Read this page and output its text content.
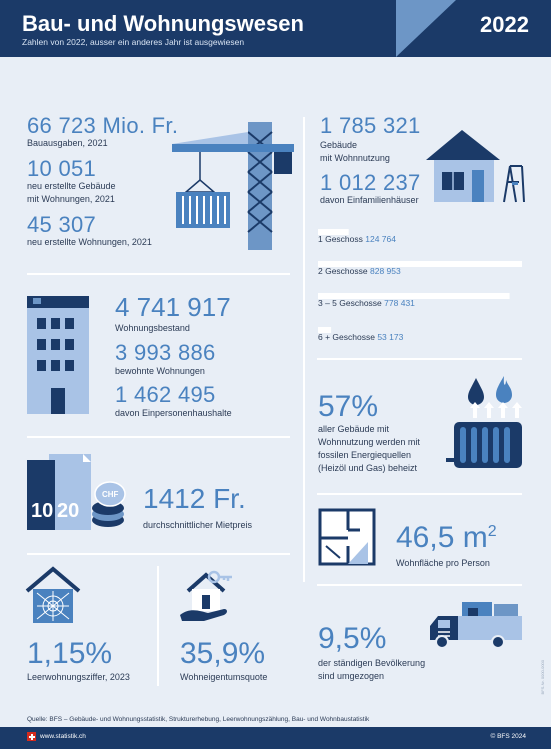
Bau- und Wohnungswesen
Zahlen von 2022, ausser ein anderes Jahr ist ausgewiesen
2022
66 723 Mio. Fr.
Bauausgaben, 2021
10 051
neu erstellte Gebäude
mit Wohnungen, 2021
45 307
neu erstellte Wohnungen, 2021
1 785 321
Gebäude
mit Wohnnutzung
1 012 237
davon Einfamilienhäuser
1 Geschoss 124 764
2 Geschosse 828 953
3 – 5 Geschosse 778 431
6 + Geschosse 53 173
4 741 917
Wohnungsbestand
3 993 886
bewohnte Wohnungen
1 462 495
davon Einpersonenhaushalte	57%
aller Gebäude mit
Wohnnutzung werden mit
fossilen Energiequellen
(Heizöl und Gas) beheizt
10 20
CHF 1412 Fr.
durchschnittlicher Mietpreis	46,5 $m^2$
Wohnfläche pro Person
1,15%
Leerwohnungsziffer, 2023
35,9%
Wohneigentumsquote
9,5%
der ständigen Bevölkerung
sind umgezogen
Quelle: BFS – Gebäude- und Wohnungsstatistik, Strukturerhebung, Leerwohnungszählung, Bau- und Wohnbaustatistik
www.statistik.ch	© BFS 2024
BFS-Nr. 0000-0000
